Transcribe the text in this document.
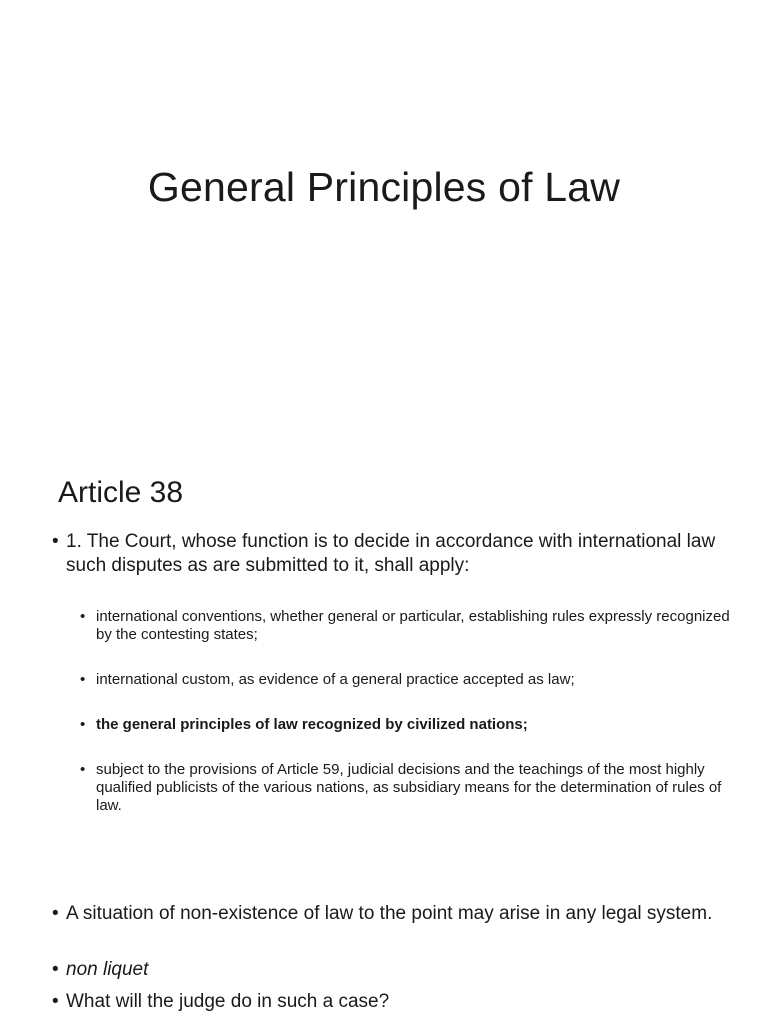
General Principles of Law
Article 38
• 1. The Court, whose function is to decide in accordance with international law such disputes as are submitted to it, shall apply:
• international conventions, whether general or particular, establishing rules expressly recognized by the contesting states;
• international custom, as evidence of a general practice accepted as law;
• the general principles of law recognized by civilized nations;
• subject to the provisions of Article 59, judicial decisions and the teachings of the most highly qualified publicists of the various nations, as subsidiary means for the determination of rules of law.
• A situation of non-existence of law to the point may arise in any legal system.
• non liquet
• What will the judge do in such a case?
